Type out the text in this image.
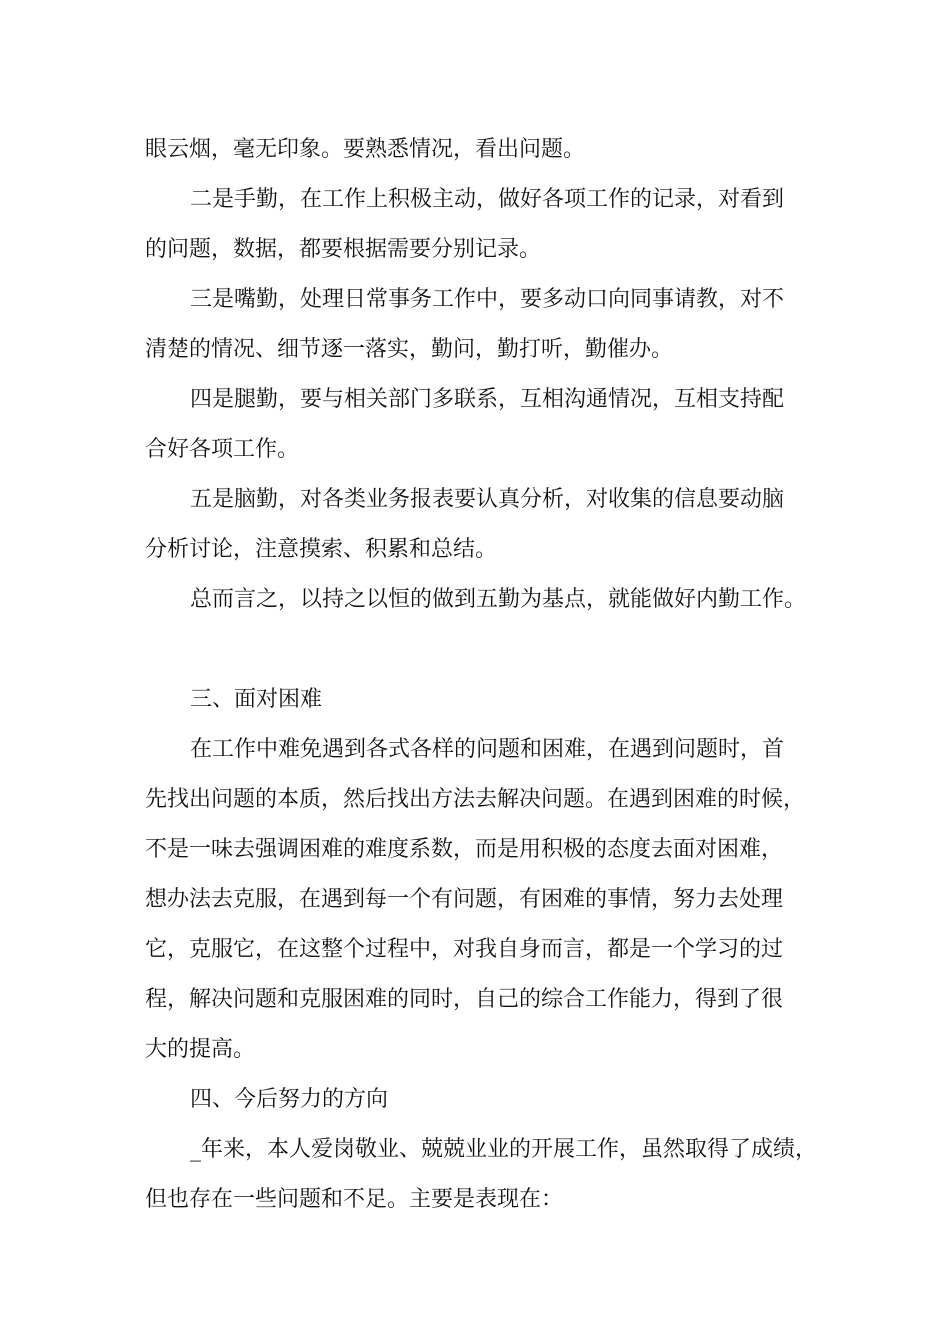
眼云烟，毫无印象。要熟悉情况，看出问题。
二是手勤，在工作上积极主动，做好各项工作的记录，对看到
的问题，数据，都要根据需要分别记录。
三是嘴勤，处理日常事务工作中，要多动口向同事请教，对不
清楚的情况、细节逐一落实，勤问，勤打听，勤催办。
四是腿勤，要与相关部门多联系，互相沟通情况，互相支持配
合好各项工作。
五是脑勤，对各类业务报表要认真分析，对收集的信息要动脑
分析讨论，注意摸索、积累和总结。
总而言之，以持之以恒的做到五勤为基点，就能做好内勤工作。
三、面对困难
在工作中难免遇到各式各样的问题和困难，在遇到问题时，首
先找出问题的本质，然后找出方法去解决问题。在遇到困难的时候，
不是一味去强调困难的难度系数，而是用积极的态度去面对困难，
想办法去克服，在遇到每一个有问题，有困难的事情，努力去处理
它，克服它，在这整个过程中，对我自身而言，都是一个学习的过
程，解决问题和克服困难的同时，自己的综合工作能力，得到了很
大的提高。
四、今后努力的方向
_年来，本人爱岗敬业、兢兢业业的开展工作，虽然取得了成绩，
但也存在一些问题和不足。主要是表现在：
